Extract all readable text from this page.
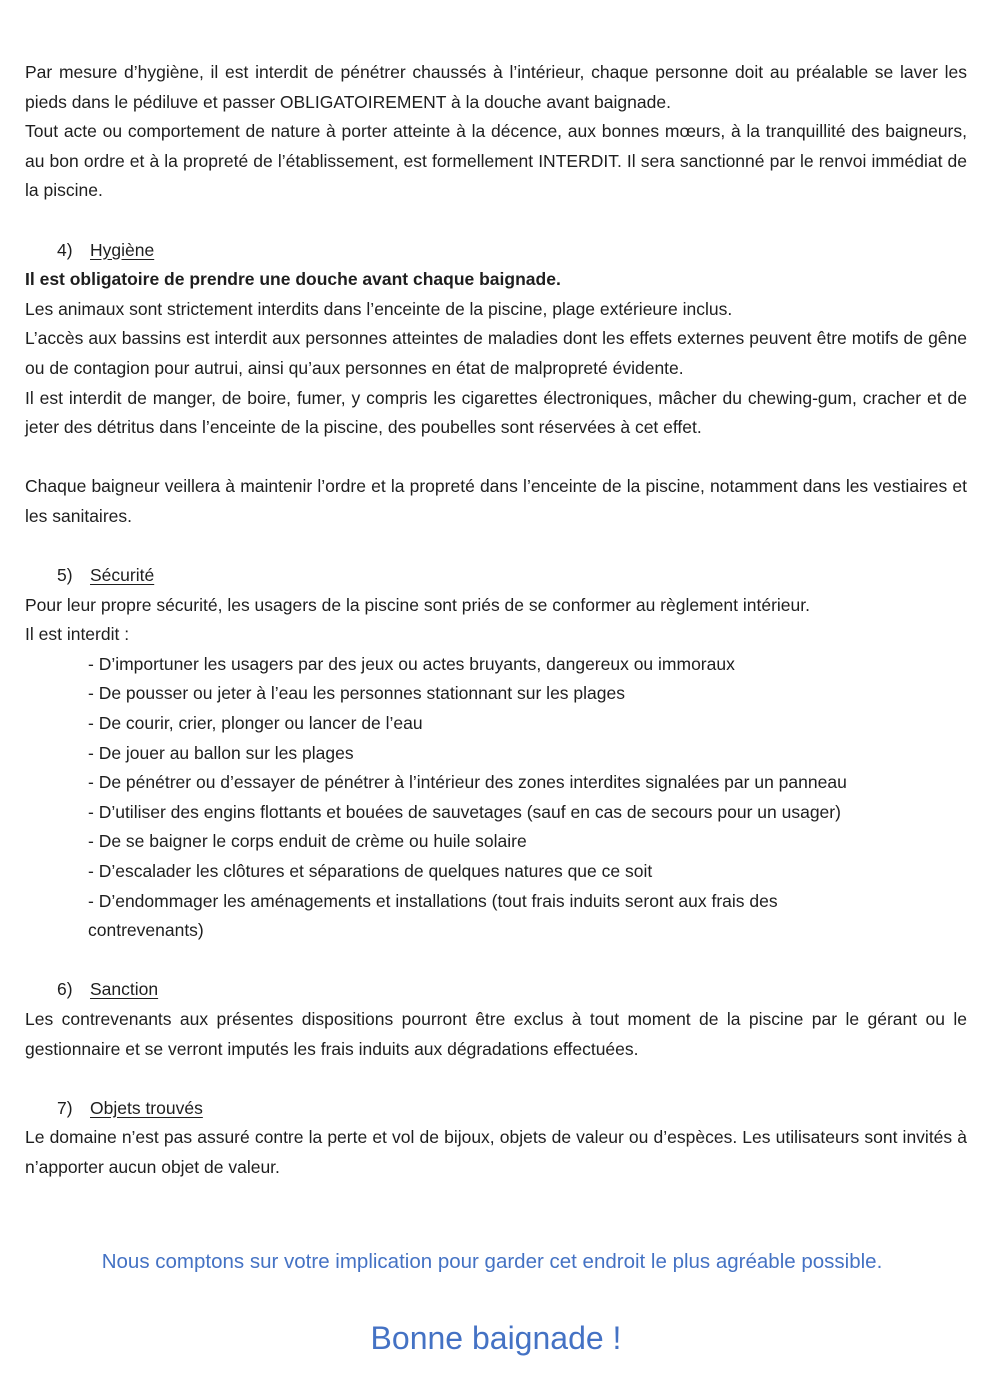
Par mesure d’hygiène, il est interdit de pénétrer chaussés à l’intérieur, chaque personne doit au préalable se laver les pieds dans le pédiluve et passer OBLIGATOIREMENT à la douche avant baignade.

Tout acte ou comportement de nature à porter atteinte à la décence, aux bonnes mœurs, à la tranquillité des baigneurs, au bon ordre et à la propreté de l’établissement, est formellement INTERDIT. Il sera sanctionné par le renvoi immédiat de la piscine.

4) Hygiène

Il est obligatoire de prendre une douche avant chaque baignade.

Les animaux sont strictement interdits dans l’enceinte de la piscine, plage extérieure inclus.

L’accès aux bassins est interdit aux personnes atteintes de maladies dont les effets externes peuvent être motifs de gêne ou de contagion pour autrui, ainsi qu’aux personnes en état de malpropreté évidente.

Il est interdit de manger, de boire, fumer, y compris les cigarettes électroniques, mâcher du chewing-gum, cracher et de jeter des détritus dans l’enceinte de la piscine, des poubelles sont réservées à cet effet.

Chaque baigneur veillera à maintenir l’ordre et la propreté dans l’enceinte de la piscine, notamment dans les vestiaires et les sanitaires.

5) Sécurité

Pour leur propre sécurité, les usagers de la piscine sont priés de se conformer au règlement intérieur.

Il est interdit :

- D’importuner les usagers par des jeux ou actes bruyants, dangereux ou immoraux
- De pousser ou jeter à l’eau les personnes stationnant sur les plages
- De courir, crier, plonger ou lancer de l’eau
- De jouer au ballon sur les plages
- De pénétrer ou d’essayer de pénétrer à l’intérieur des zones interdites signalées par un panneau
- D’utiliser des engins flottants et bouées de sauvetages (sauf en cas de secours pour un usager)
- De se baigner le corps enduit de crème ou huile solaire
- D’escalader les clôtures et séparations de quelques natures que ce soit
- D’endommager les aménagements et installations (tout frais induits seront aux frais des
contrevenants)
6) Sanction

Les contrevenants aux présentes dispositions pourront être exclus à tout moment de la piscine par le gérant ou le gestionnaire et se verront imputés les frais induits aux dégradations effectuées.

7) Objets trouvés

Le domaine n’est pas assuré contre la perte et vol de bijoux, objets de valeur ou d’espèces. Les utilisateurs sont invités à n’apporter aucun objet de valeur.

Nous comptons sur votre implication pour garder cet endroit le plus agréable possible.
Bonne baignade !
